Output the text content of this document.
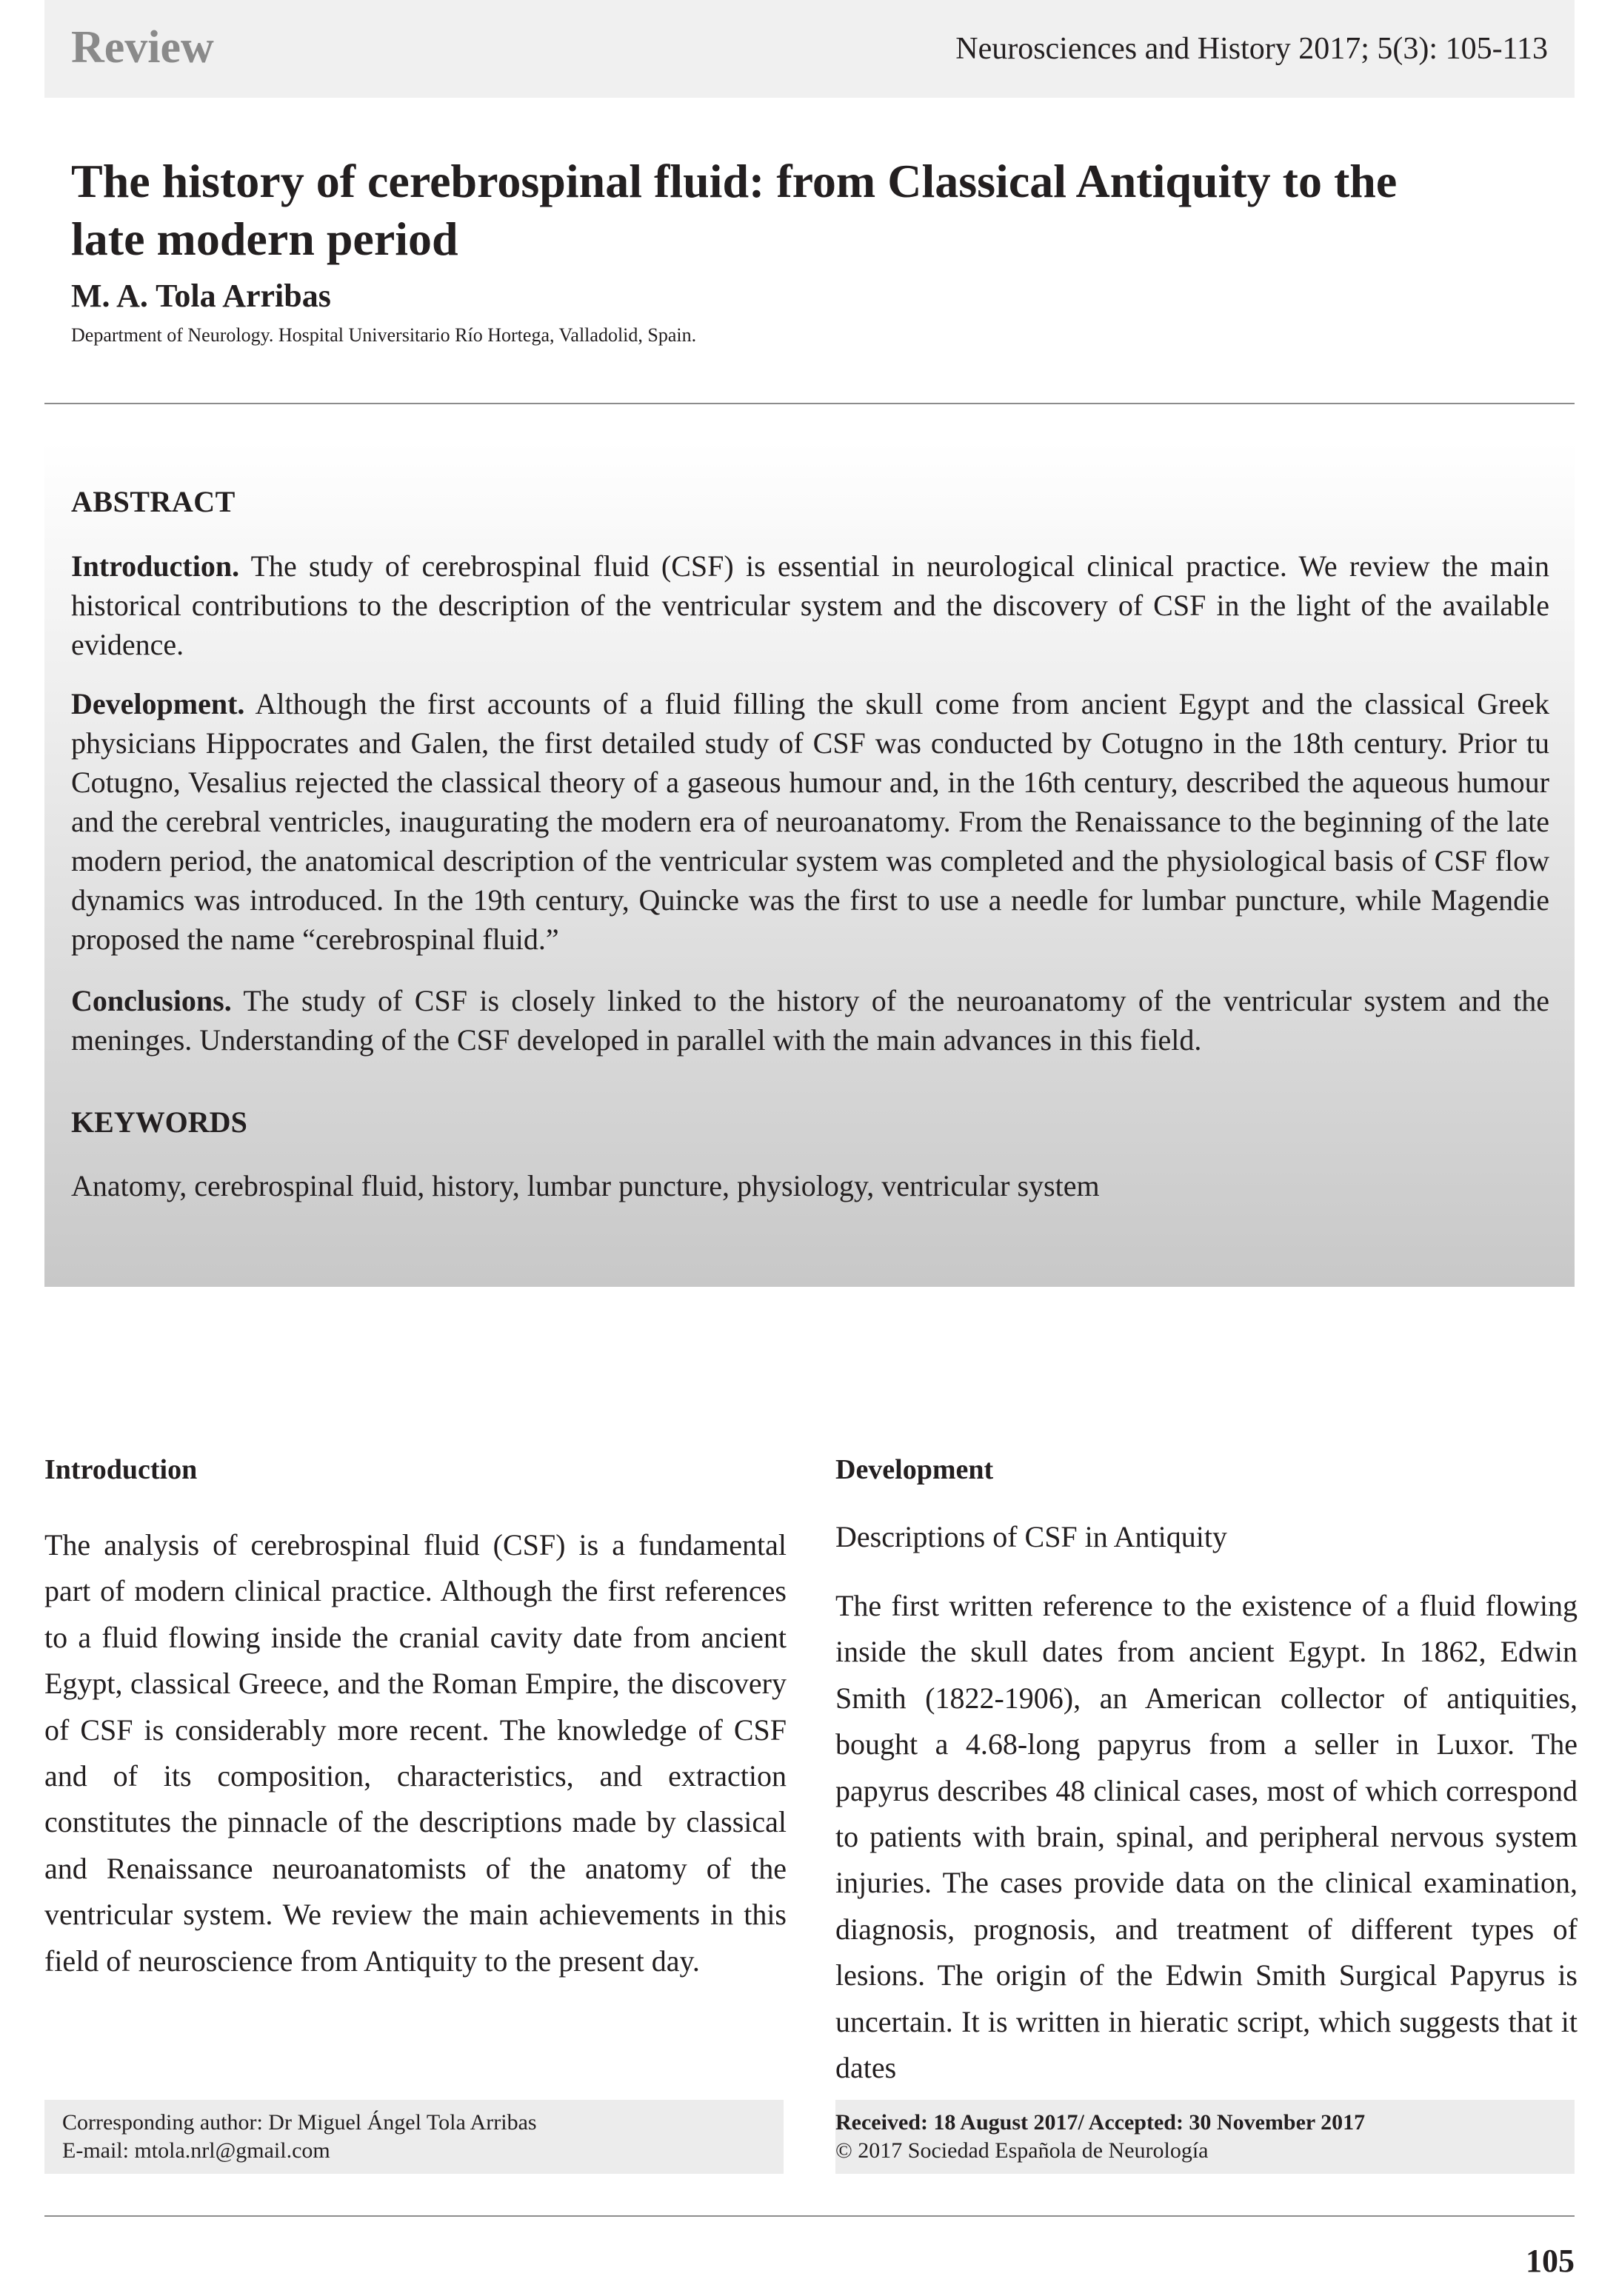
Review	Neurosciences and History 2017; 5(3): 105-113
The history of cerebrospinal fluid: from Classical Antiquity to the
late modern period
M. A. Tola Arribas
Department of Neurology. Hospital Universitario Río Hortega, Valladolid, Spain.
ABSTRACT
Introduction. The study of cerebrospinal fluid (CSF) is essential in neurological clinical practice. We review the main historical contributions to the description of the ventricular system and the discovery of CSF in the light of the available evidence.
Development. Although the first accounts of a fluid filling the skull come from ancient Egypt and the classical Greek physicians Hippocrates and Galen, the first detailed study of CSF was conducted by Cotugno in the 18th century. Prior tu Cotugno, Vesalius rejected the classical theory of a gaseous humour and, in the 16th century, described the aqueous humour and the cerebral ventricles, inaugurating the modern era of neuroanatomy. From the Renaissance to the beginning of the late modern period, the anatomical description of the ventricular system was completed and the physiological basis of CSF flow dynamics was introduced. In the 19th century, Quincke was the first to use a needle for lumbar puncture, while Magendie proposed the name “cerebrospinal fluid.”
Conclusions. The study of CSF is closely linked to the history of the neuroanatomy of the ventricular system and the meninges. Understanding of the CSF developed in parallel with the main advances in this field.
KEYWORDS
Anatomy, cerebrospinal fluid, history, lumbar puncture, physiology, ventricular system
Introduction
The analysis of cerebrospinal fluid (CSF) is a fundamental part of modern clinical practice. Although the first references to a fluid flowing inside the cranial cavity date from ancient Egypt, classical Greece, and the Roman Empire, the discovery of CSF is considerably more recent. The knowledge of CSF and of its composition, characteristics, and extraction constitutes the pinnacle of the descriptions made by classical and Renaissance neuroanatomists of the anatomy of the ventricular system. We review the main achievements in this field of neuroscience from Antiquity to the present day.
Development
Descriptions of CSF in Antiquity
The first written reference to the existence of a fluid flowing inside the skull dates from ancient Egypt. In 1862, Edwin Smith (1822-1906), an American collector of antiquities, bought a 4.68-long papyrus from a seller in Luxor. The papyrus describes 48 clinical cases, most of which correspond to patients with brain, spinal, and peripheral nervous system injuries. The cases provide data on the clinical examination, diagnosis, prognosis, and treatment of different types of lesions. The origin of the Edwin Smith Surgical Papyrus is uncertain. It is written in hieratic script, which suggests that it dates
Corresponding author: Dr Miguel Ángel Tola Arribas
E-mail: mtola.nrl@gmail.com
Received: 18 August 2017/ Accepted: 30 November 2017
© 2017 Sociedad Española de Neurología
105
